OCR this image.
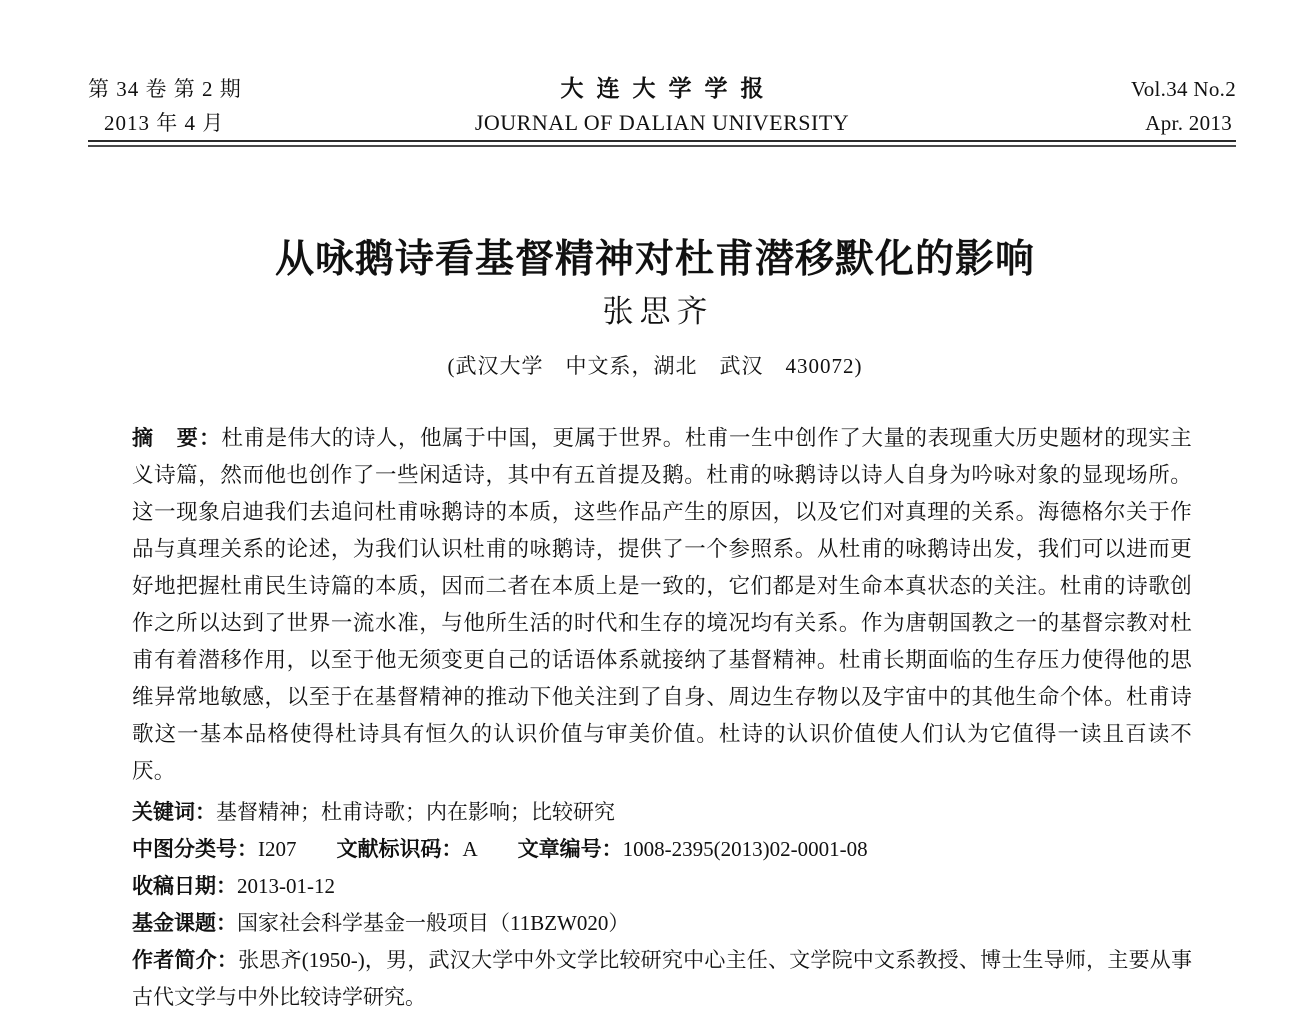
第 34 卷 第 2 期
2013 年 4 月
大连大学学报
JOURNAL OF DALIAN UNIVERSITY
Vol.34 No.2
Apr. 2013
从咏鹅诗看基督精神对杜甫潜移默化的影响
张思齐
(武汉大学　中文系，湖北　武汉　430072)

摘　要：杜甫是伟大的诗人，他属于中国，更属于世界。杜甫一生中创作了大量的表现重大历史题材的现实主义诗篇，然而他也创作了一些闲适诗，其中有五首提及鹅。杜甫的咏鹅诗以诗人自身为吟咏对象的显现场所。这一现象启迪我们去追问杜甫咏鹅诗的本质，这些作品产生的原因，以及它们对真理的关系。海德格尔关于作品与真理关系的论述，为我们认识杜甫的咏鹅诗，提供了一个参照系。从杜甫的咏鹅诗出发，我们可以进而更好地把握杜甫民生诗篇的本质，因而二者在本质上是一致的，它们都是对生命本真状态的关注。杜甫的诗歌创作之所以达到了世界一流水准，与他所生活的时代和生存的境况均有关系。作为唐朝国教之一的基督宗教对杜甫有着潜移作用，以至于他无须变更自己的话语体系就接纳了基督精神。杜甫长期面临的生存压力使得他的思维异常地敏感，以至于在基督精神的推动下他关注到了自身、周边生存物以及宇宙中的其他生命个体。杜甫诗歌这一基本品格使得杜诗具有恒久的认识价值与审美价值。杜诗的认识价值使人们认为它值得一读且百读不厌。

关键词：基督精神；杜甫诗歌；内在影响；比较研究

中图分类号：I207 文献标识码：A 文章编号：1008-2395(2013)02-0001-08

收稿日期：2013-01-12

基金课题：国家社会科学基金一般项目（11BZW020）

作者简介：张思齐(1950-)，男，武汉大学中外文学比较研究中心主任、文学院中文系教授、博士生导师，主要从事古代文学与中外比较诗学研究。
